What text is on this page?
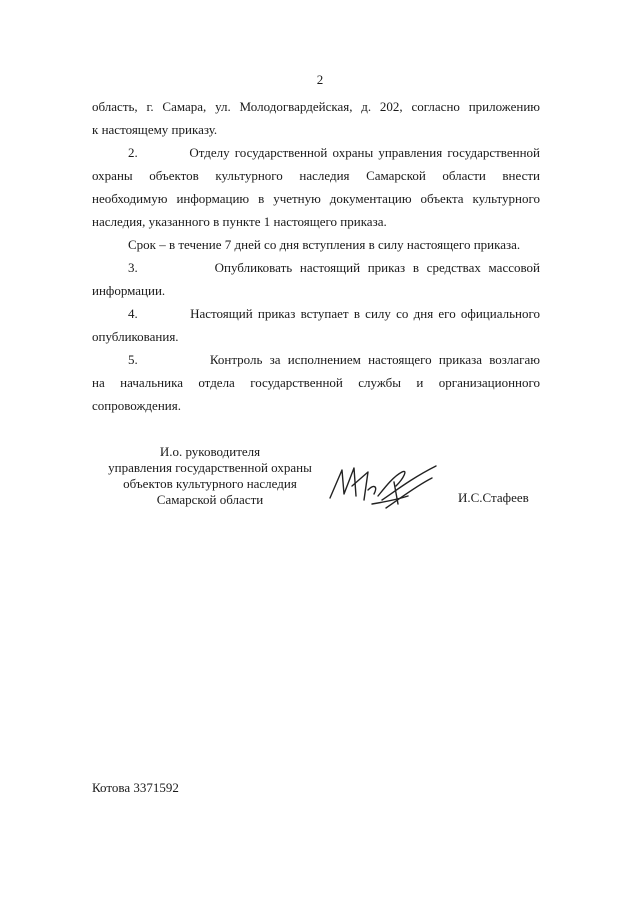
2
область, г. Самара, ул. Молодогвардейская, д. 202, согласно приложению
к настоящему приказу.
2.          Отделу государственной охраны управления государственной
охраны объектов культурного наследия Самарской области внести
необходимую информацию в учетную документацию объекта культурного
наследия, указанного в пункте 1 настоящего приказа.
Срок – в течение 7 дней со дня вступления в силу настоящего приказа.
3.          Опубликовать настоящий приказ в средствах массовой
информации.
4.          Настоящий приказ вступает в силу со дня его официального
опубликования.
5.          Контроль за исполнением настоящего приказа возлагаю
на начальника отдела государственной службы и организационного
сопровождения.
И.о. руководителя
управления государственной охраны
объектов культурного наследия
Самарской области	И.С.Стафеев
Котова 3371592
